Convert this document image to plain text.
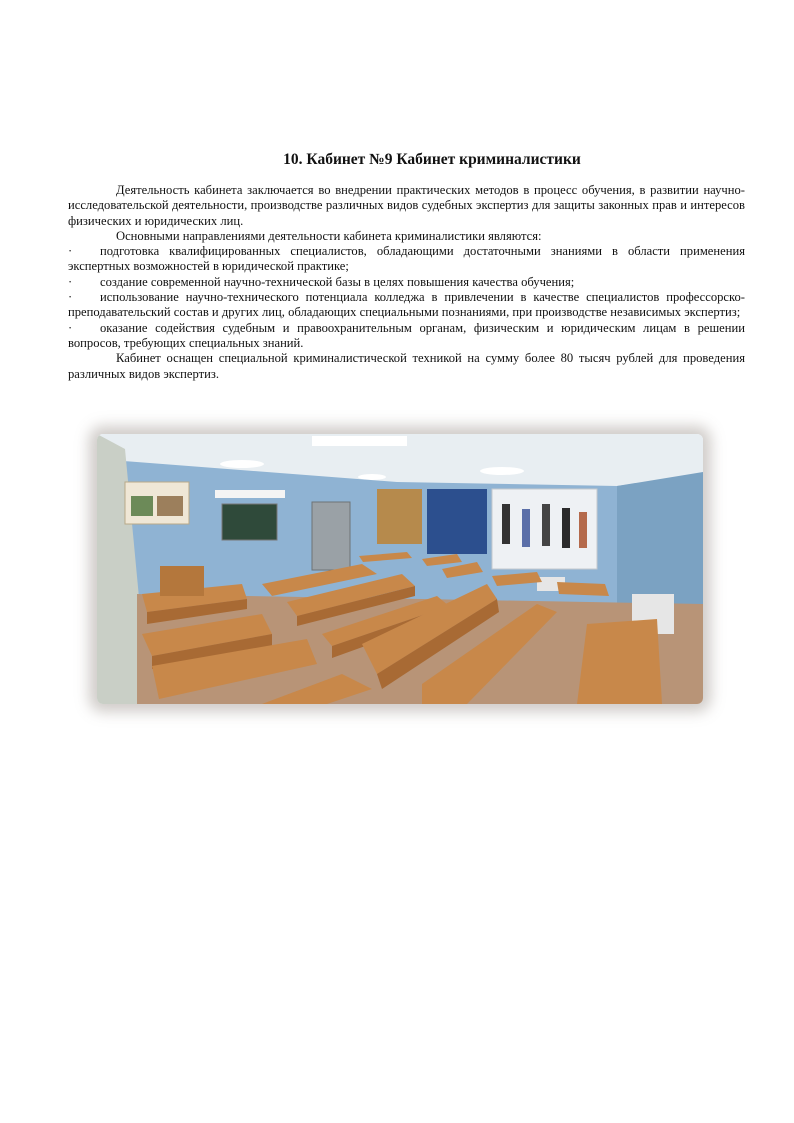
10. Кабинет №9 Кабинет криминалистики

Деятельность кабинета заключается во внедрении практических методов в процесс обучения, в развитии научно-исследовательской деятельности, производстве различных видов судебных экспертиз для защиты законных прав и интересов физических и юридических лиц.

Основными направлениями деятельности кабинета криминалистики являются:

· подготовка квалифицированных специалистов, обладающими достаточными знаниями в области применения экспертных возможностей в юридической практике;

· создание современной научно-технической базы в целях повышения качества обучения;

· использование научно-технического потенциала колледжа в привлечении в качестве специалистов профессорско-преподавательский состав и других лиц, обладающих специальными познаниями, при производстве независимых экспертиз;

· оказание содействия судебным и правоохранительным органам, физическим и юридическим лицам в решении вопросов, требующих специальных знаний.

Кабинет оснащен специальной криминалистической техникой на сумму более 80 тысяч рублей для проведения различных видов экспертиз.
